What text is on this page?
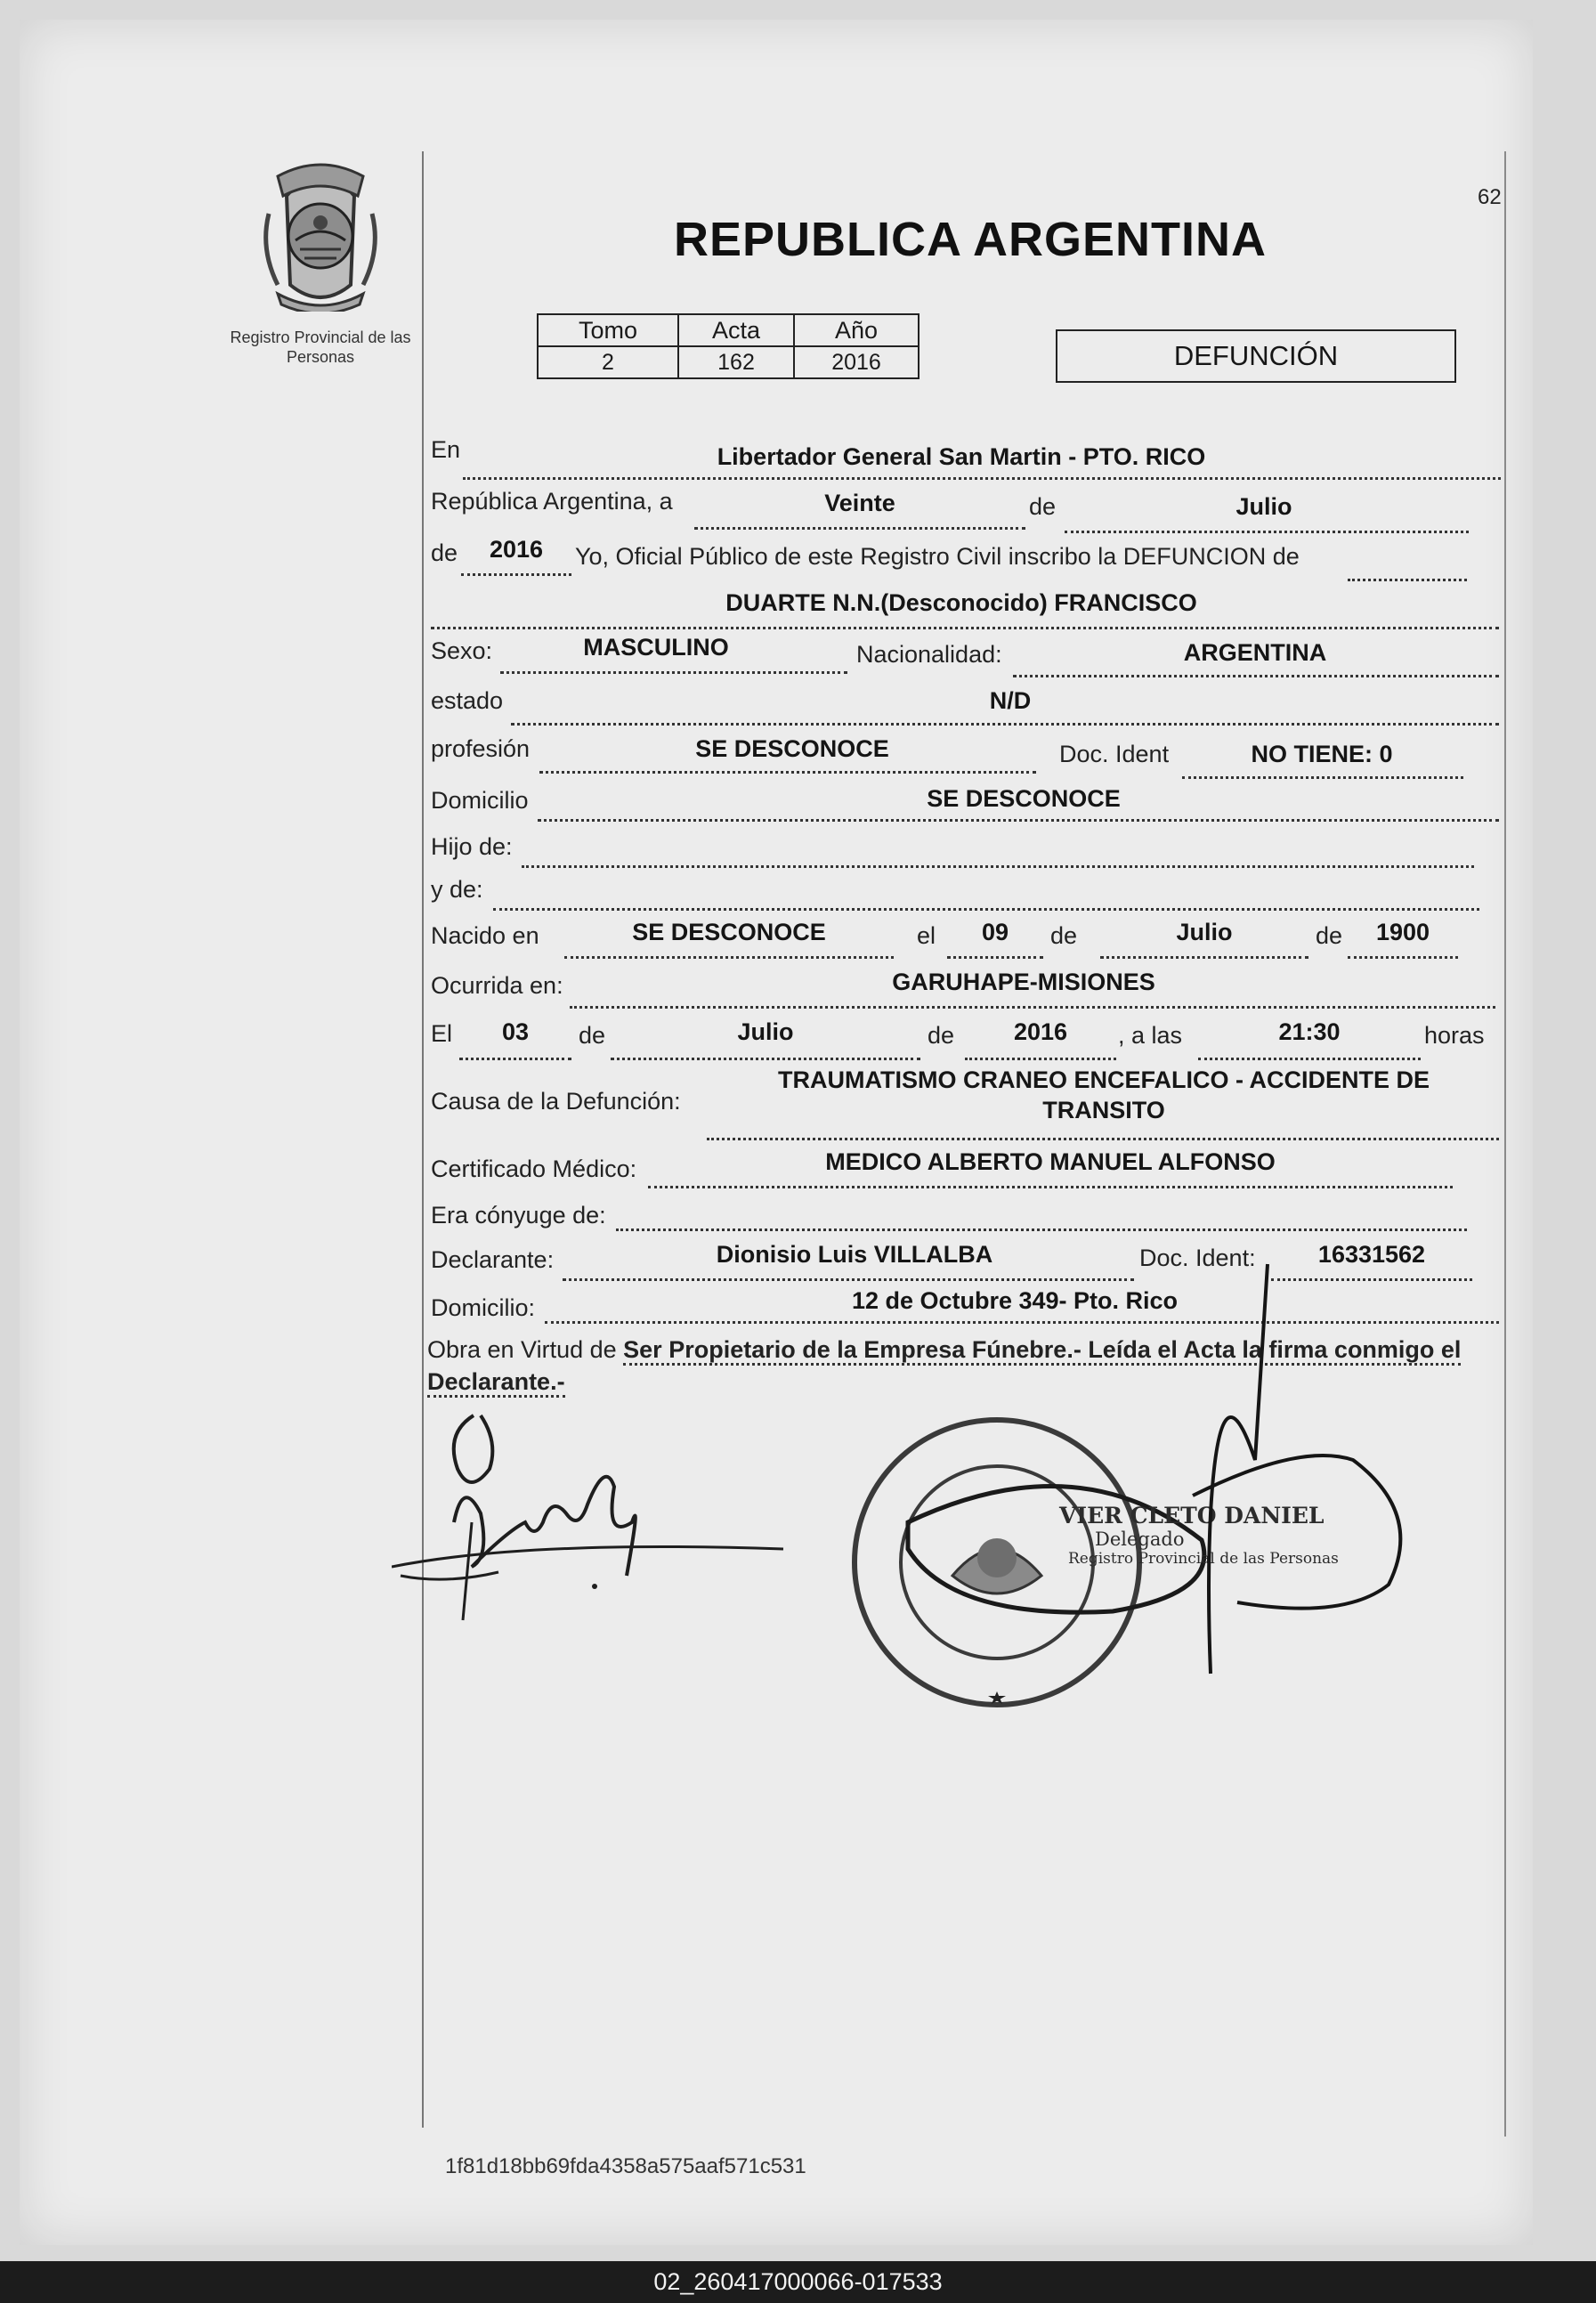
62
Registro Provincial de las Personas
REPUBLICA ARGENTINA
Tomo	Acta	Año
2	162	2016	DEFUNCIÓN
En	Libertador General San Martin - PTO. RICO
República Argentina, a	Veinte	de	Julio
de	2016	Yo, Oficial Público de este Registro Civil inscribo la DEFUNCION de
DUARTE N.N.(Desconocido) FRANCISCO
Sexo:	MASCULINO	Nacionalidad:	ARGENTINA
estado	N/D
profesión	SE DESCONOCE	Doc. Ident	NO TIENE: 0
Domicilio	SE DESCONOCE
Hijo de:
y de:
Nacido en	SE DESCONOCE	el	09	de	Julio	de	1900
Ocurrida en:	GARUHAPE-MISIONES
El	03	de	Julio	de	2016	, a las	21:30	horas
Causa de la Defunción:
TRAUMATISMO CRANEO ENCEFALICO - ACCIDENTE DE
TRANSITO
Certificado Médico:	MEDICO ALBERTO MANUEL ALFONSO
Era cónyuge de:
Declarante:	Dionisio Luis VILLALBA	Doc. Ident:	16331562
Domicilio:	12 de Octubre 349- Pto. Rico
Obra en Virtud de Ser Propietario de la Empresa Fúnebre.- Leída el Acta la firma conmigo el Declarante.-
VIER CLETO DANIEL
Delegado
Registro Provincial de las Personas
1f81d18bb69fda4358a575aaf571c531
02_260417000066-017533
